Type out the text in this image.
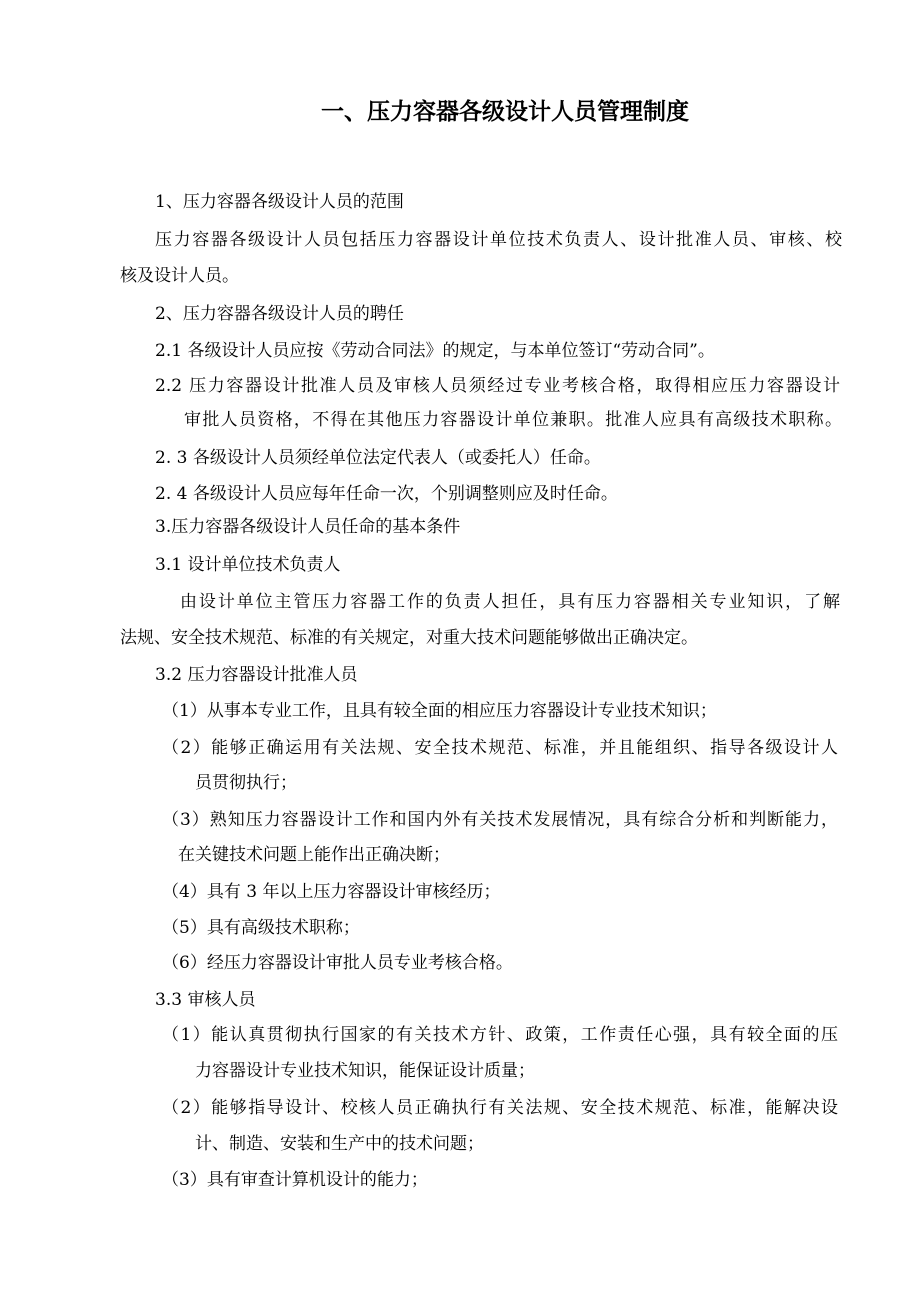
一、压力容器各级设计人员管理制度

1、压力容器各级设计人员的范围

压力容器各级设计人员包括压力容器设计单位技术负责人、设计批准人员、审核、校

核及设计人员。

2、压力容器各级设计人员的聘任

2.1 各级设计人员应按《劳动合同法》的规定，与本单位签订“劳动合同”。

2.2 压力容器设计批准人员及审核人员须经过专业考核合格，取得相应压力容器设计

审批人员资格，不得在其他压力容器设计单位兼职。批准人应具有高级技术职称。

2. 3 各级设计人员须经单位法定代表人（或委托人）任命。

2. 4 各级设计人员应每年任命一次，个别调整则应及时任命。

3.压力容器各级设计人员任命的基本条件

3.1 设计单位技术负责人

由设计单位主管压力容器工作的负责人担任，具有压力容器相关专业知识，了解

法规、安全技术规范、标准的有关规定，对重大技术问题能够做出正确决定。

3.2 压力容器设计批准人员

（1）从事本专业工作，且具有较全面的相应压力容器设计专业技术知识；

（2）能够正确运用有关法规、安全技术规范、标准，并且能组织、指导各级设计人

员贯彻执行；

（3）熟知压力容器设计工作和国内外有关技术发展情况，具有综合分析和判断能力，

在关键技术问题上能作出正确决断；

（4）具有 3 年以上压力容器设计审核经历；

（5）具有高级技术职称；

（6）经压力容器设计审批人员专业考核合格。

3.3 审核人员

（1）能认真贯彻执行国家的有关技术方针、政策，工作责任心强，具有较全面的压

力容器设计专业技术知识，能保证设计质量；

（2）能够指导设计、校核人员正确执行有关法规、安全技术规范、标准，能解决设

计、制造、安装和生产中的技术问题；

（3）具有审查计算机设计的能力；
